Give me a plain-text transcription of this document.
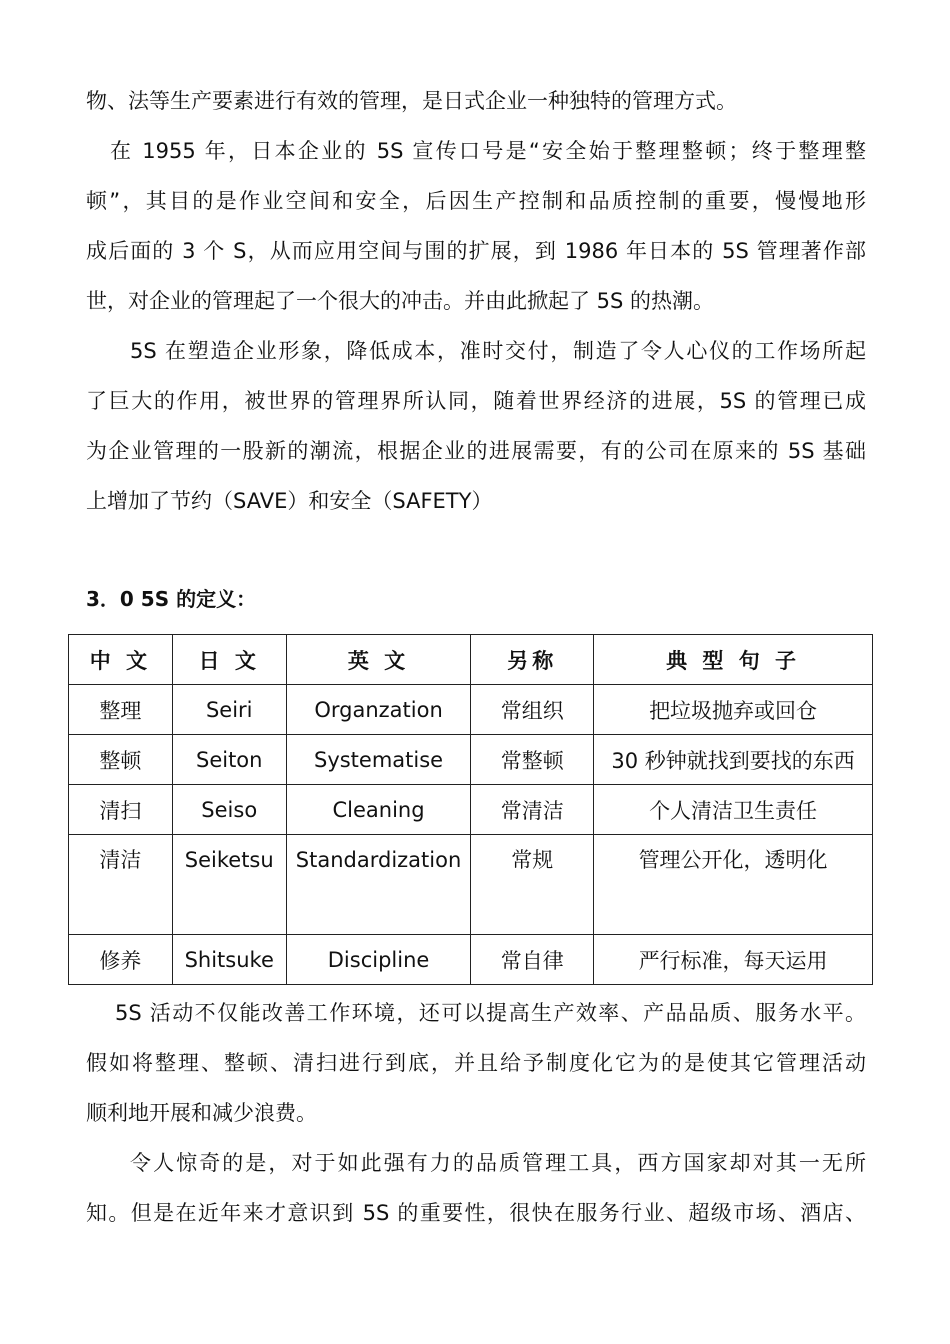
物、法等生产要素进行有效的管理，是日式企业一种独特的管理方式。
在 1955 年，日本企业的 5S 宣传口号是“安全始于整理整顿；终于整理整
顿”，其目的是作业空间和安全，后因生产控制和品质控制的重要，慢慢地形
成后面的 3 个 S，从而应用空间与围的扩展，到 1986 年日本的 5S 管理著作部
世，对企业的管理起了一个很大的冲击。并由此掀起了 5S 的热潮。
5S 在塑造企业形象，降低成本，准时交付，制造了令人心仪的工作场所起
了巨大的作用，被世界的管理界所认同，随着世界经济的进展，5S 的管理已成
为企业管理的一股新的潮流，根据企业的进展需要，有的公司在原来的 5S 基础
上增加了节约（SAVE）和安全（SAFETY）
3．0 5S 的定义：
中 文	日 文	英 文	另称	典 型 句 子
整理	Seiri	Organzation	常组织	把垃圾抛弃或回仓
整顿	Seiton	Systematise	常整顿	30 秒钟就找到要找的东西
清扫	Seiso	Cleaning	常清洁	个人清洁卫生责任

清洁	Seiketsu	Standardization	常规	管理公开化，透明化

修养	Shitsuke	Discipline	常自律	严行标准，每天运用
5S 活动不仅能改善工作环境，还可以提高生产效率、产品品质、服务水平。
假如将整理、整顿、清扫进行到底，并且给予制度化它为的是使其它管理活动
顺利地开展和减少浪费。
令人惊奇的是，对于如此强有力的品质管理工具，西方国家却对其一无所
知。但是在近年来才意识到 5S 的重要性，很快在服务行业、超级市场、酒店、
